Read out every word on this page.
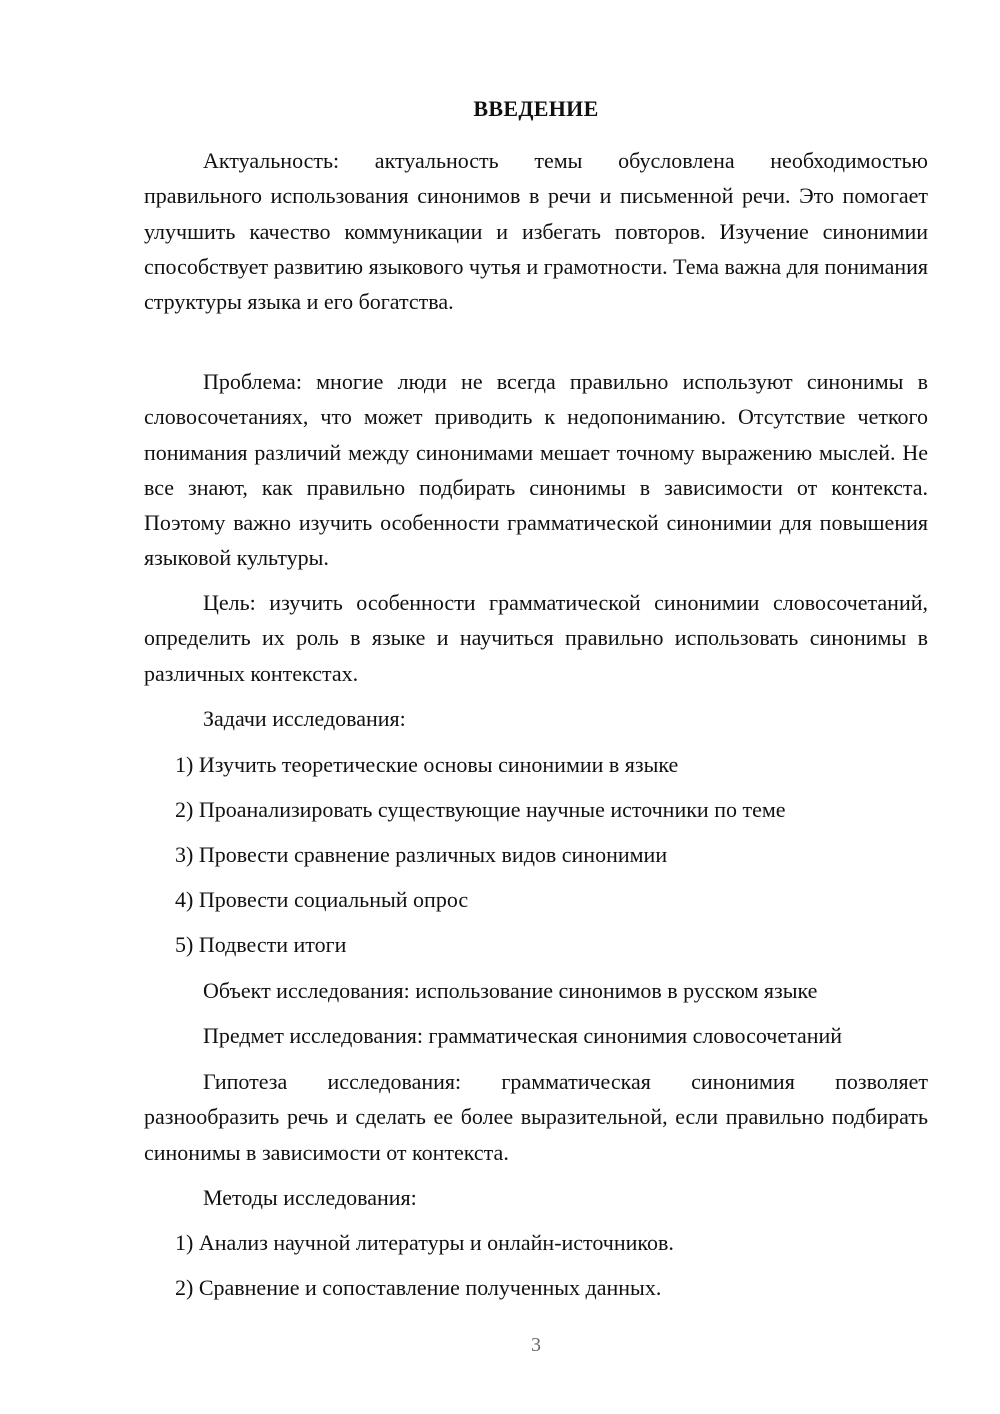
ВВЕДЕНИЕ

Актуальность: актуальность темы обусловлена необходимостью правильного использования синонимов в речи и письменной речи. Это помогает улучшить качество коммуникации и избегать повторов. Изучение синонимии способствует развитию языкового чутья и грамотности. Тема важна для понимания структуры языка и его богатства.

Проблема: многие люди не всегда правильно используют синонимы в словосочетаниях, что может приводить к недопониманию. Отсутствие четкого понимания различий между синонимами мешает точному выражению мыслей. Не все знают, как правильно подбирать синонимы в зависимости от контекста. Поэтому важно изучить особенности грамматической синонимии для повышения языковой культуры.

Цель: изучить особенности грамматической синонимии словосочетаний, определить их роль в языке и научиться правильно использовать синонимы в различных контекстах.

Задачи исследования:
1) Изучить теоретические основы синонимии в языке
2) Проанализировать существующие научные источники по теме
3) Провести сравнение различных видов синонимии
4) Провести социальный опрос
5) Подвести итоги
Объект исследования: использование синонимов в русском языке
Предмет исследования: грамматическая синонимия словосочетаний

Гипотеза исследования: грамматическая синонимия позволяет разнообразить речь и сделать ее более выразительной, если правильно подбирать синонимы в зависимости от контекста.

Методы исследования:
1) Анализ научной литературы и онлайн-источников.
2) Сравнение и сопоставление полученных данных.
3
